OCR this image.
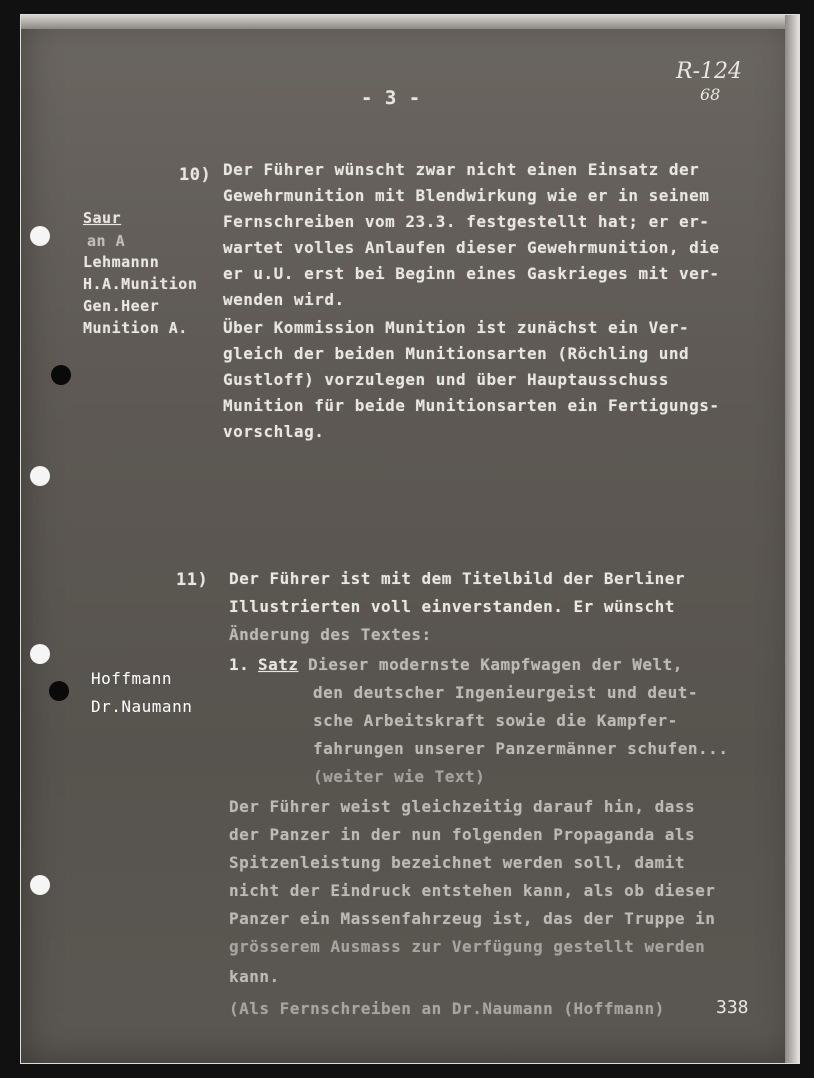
R-124
68
- 3 -
10) Der Führer wünscht zwar nicht einen Einsatz der
Gewehrmunition mit Blendwirkung wie er in seinem
Fernschreiben vom 23.3. festgestellt hat; er er-
wartet volles Anlaufen dieser Gewehrmunition, die
er u.U. erst bei Beginn eines Gaskrieges mit ver-
wenden wird.
Über Kommission Munition ist zunächst ein Ver-
gleich der beiden Munitionsarten (Röchling und
Gustloff) vorzulegen und über Hauptausschuss
Munition für beide Munitionsarten ein Fertigungs-
vorschlag.
Saur
an A
Lehmannn
H.A.Munition
Gen.Heer
Munition A.
11) Der Führer ist mit dem Titelbild der Berliner
Illustrierten voll einverstanden. Er wünscht
Änderung des Textes:
1. Satz Dieser modernste Kampfwagen der Welt,
den deutscher Ingenieurgeist und deut-
sche Arbeitskraft sowie die Kampfer-
fahrungen unserer Panzermänner schufen...
(weiter wie Text)
Der Führer weist gleichzeitig darauf hin, dass
der Panzer in der nun folgenden Propaganda als
Spitzenleistung bezeichnet werden soll, damit
nicht der Eindruck entstehen kann, als ob dieser
Panzer ein Massenfahrzeug ist, das der Truppe in
grösserem Ausmass zur Verfügung gestellt werden
kann.
(Als Fernschreiben an Dr.Naumann (Hoffmann)
Hoffmann
Dr.Naumann
338
